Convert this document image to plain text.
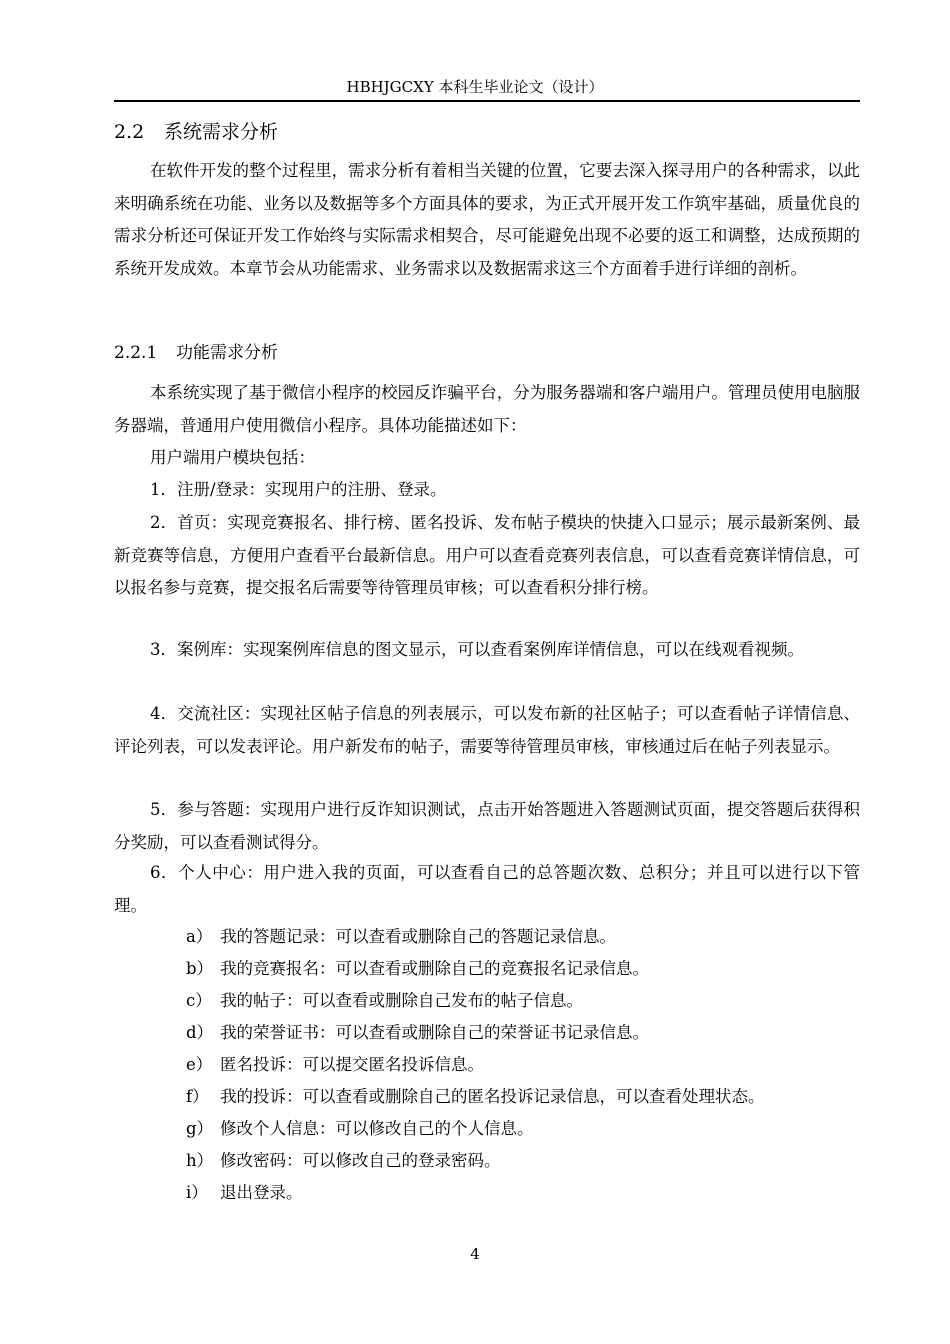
HBHJGCXY 本科生毕业论文（设计）
2.2 系统需求分析

在软件开发的整个过程里，需求分析有着相当关键的位置，它要去深入探寻用户的各种需求，以此来明确系统在功能、业务以及数据等多个方面具体的要求，为正式开展开发工作筑牢基础，质量优良的需求分析还可保证开发工作始终与实际需求相契合，尽可能避免出现不必要的返工和调整，达成预期的系统开发成效。本章节会从功能需求、业务需求以及数据需求这三个方面着手进行详细的剖析。

2.2.1 功能需求分析

本系统实现了基于微信小程序的校园反诈骗平台，分为服务器端和客户端用户。管理员使用电脑服务器端，普通用户使用微信小程序。具体功能描述如下：

用户端用户模块包括：

1．注册/登录：实现用户的注册、登录。

2．首页：实现竞赛报名、排行榜、匿名投诉、发布帖子模块的快捷入口显示；展示最新案例、最新竞赛等信息，方便用户查看平台最新信息。用户可以查看竞赛列表信息，可以查看竞赛详情信息，可以报名参与竞赛，提交报名后需要等待管理员审核；可以查看积分排行榜。

3．案例库：实现案例库信息的图文显示，可以查看案例库详情信息，可以在线观看视频。

4．交流社区：实现社区帖子信息的列表展示，可以发布新的社区帖子；可以查看帖子详情信息、评论列表，可以发表评论。用户新发布的帖子，需要等待管理员审核，审核通过后在帖子列表显示。

5．参与答题：实现用户进行反诈知识测试，点击开始答题进入答题测试页面，提交答题后获得积分奖励，可以查看测试得分。

6．个人中心：用户进入我的页面，可以查看自己的总答题次数、总积分；并且可以进行以下管理。

a） 我的答题记录：可以查看或删除自己的答题记录信息。
b） 我的竞赛报名：可以查看或删除自己的竞赛报名记录信息。
c） 我的帖子：可以查看或删除自己发布的帖子信息。
d） 我的荣誉证书：可以查看或删除自己的荣誉证书记录信息。
e） 匿名投诉：可以提交匿名投诉信息。
f） 我的投诉：可以查看或删除自己的匿名投诉记录信息，可以查看处理状态。
g） 修改个人信息：可以修改自己的个人信息。
h） 修改密码：可以修改自己的登录密码。
i） 退出登录。
4
